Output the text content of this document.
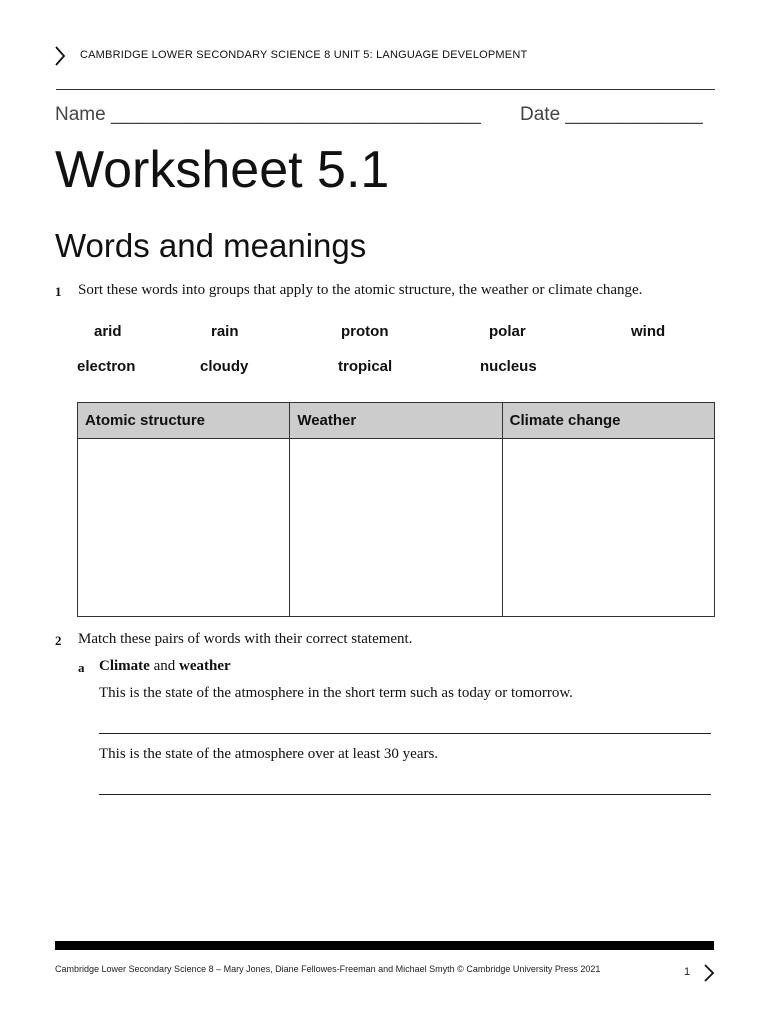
CAMBRIDGE LOWER SECONDARY SCIENCE 8 UNIT 5: LANGUAGE DEVELOPMENT
Name ___________________________________ Date _____________
Worksheet 5.1
Words and meanings
1 Sort these words into groups that apply to the atomic structure, the weather or climate change.
arid	rain	proton	polar	wind
electron	cloudy	tropical	nucleus
Atomic structure	Weather	Climate change

2 Match these pairs of words with their correct statement.
a Climate and weather
This is the state of the atmosphere in the short term such as today or tomorrow.
This is the state of the atmosphere over at least 30 years.
Cambridge Lower Secondary Science 8 – Mary Jones, Diane Fellowes-Freeman and Michael Smyth © Cambridge University Press 2021	1
